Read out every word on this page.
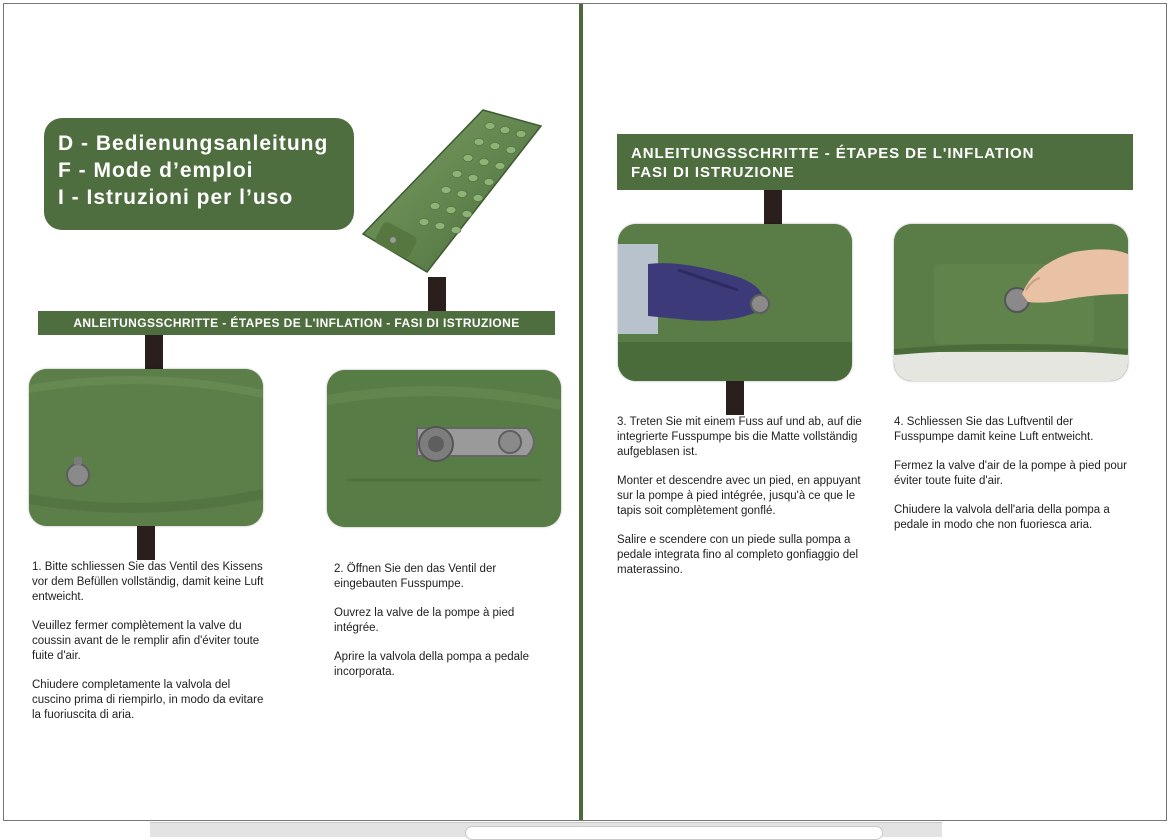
D - Bedienungsanleitung
F - Mode d’emploi
I - Istruzioni per l’uso
ANLEITUNGSSCHRITTE - ÉTAPES DE L'INFLATION - FASI DI ISTRUZIONE

1. Bitte schliessen Sie das Ventil des Kissens vor dem Befüllen vollständig, damit keine Luft entweicht.

Veuillez fermer complètement la valve du coussin avant de le remplir afin d'éviter toute fuite d'air.

Chiudere completamente la valvola del cuscino prima di riempirlo, in modo da evitare la fuoriuscita di aria.

2. Öffnen Sie den das Ventil der eingebauten Fusspumpe.

Ouvrez la valve de la pompe à pied intégrée.

Aprire la valvola della pompa a pedale incorporata.

ANLEITUNGSSCHRITTE - ÉTAPES DE L'INFLATION
FASI DI ISTRUZIONE

3. Treten Sie mit einem Fuss auf und ab, auf die integrierte Fusspumpe bis die Matte vollständig aufgeblasen ist.

Monter et descendre avec un pied, en appuyant sur la pompe à pied intégrée, jusqu'à ce que le tapis soit complètement gonflé.

Salire e scendere con un piede sulla pompa a pedale integrata fino al completo gonfiaggio del materassino.

4. Schliessen Sie das Luftventil der Fusspumpe damit keine Luft entweicht.

Fermez la valve d'air de la pompe à pied pour éviter toute fuite d'air.

Chiudere la valvola dell'aria della pompa a pedale in modo che non fuoriesca aria.
